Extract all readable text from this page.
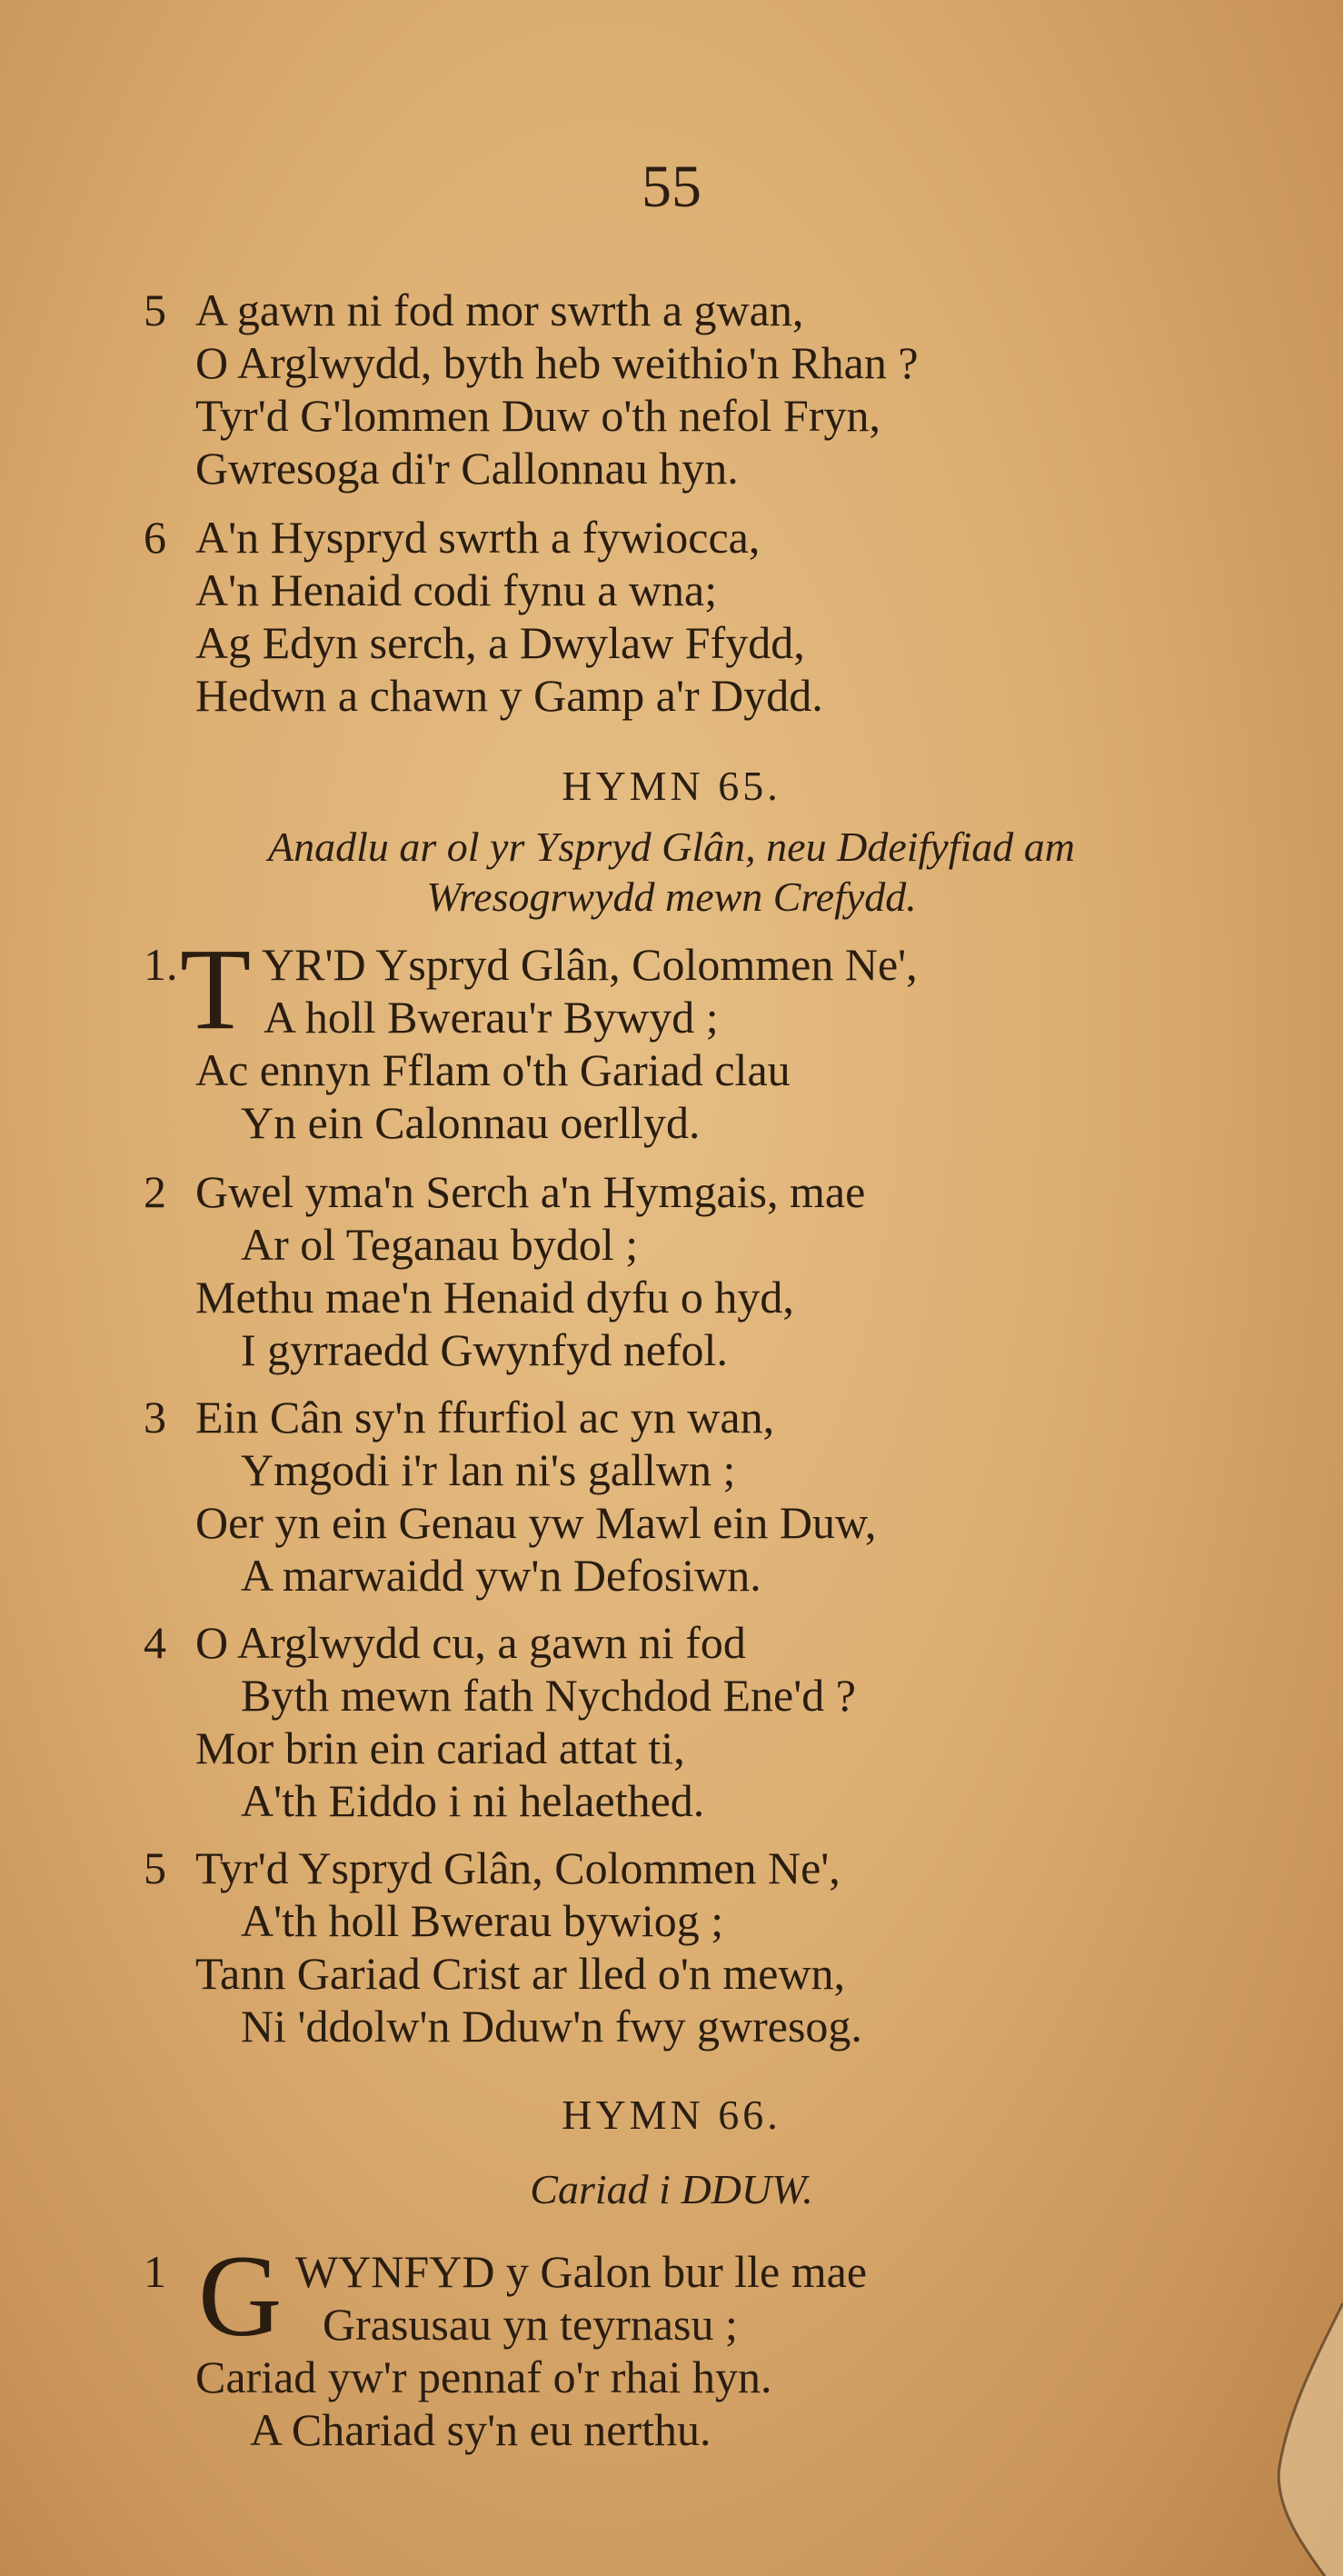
55
5 A gawn ni fod mor swrth a gwan,
O Arglwydd, byth heb weithio'n Rhan ?
Tyr'd G'lommen Duw o'th nefol Fryn,
Gwresoga di'r Callonnau hyn.
6 A'n Hyspryd swrth a fywiocca,
A'n Henaid codi fynu a wna;
Ag Edyn serch, a Dwylaw Ffydd,
Hedwn a chawn y Gamp a'r Dydd.
HYMN 65.
Anadlu ar ol yr Yspryd Glân, neu Ddeifyfiad am
Wresogrwydd mewn Crefydd.
1. T YR'D Yspryd Glân, Colommen Ne',
A holl Bwerau'r Bywyd ;
Ac ennyn Fflam o'th Gariad clau
Yn ein Calonnau oerllyd.
2 Gwel yma'n Serch a'n Hymgais, mae
Ar ol Teganau bydol ;
Methu mae'n Henaid dyfu o hyd,
I gyrraedd Gwynfyd nefol.
3 Ein Cân sy'n ffurfiol ac yn wan,
Ymgodi i'r lan ni's gallwn ;
Oer yn ein Genau yw Mawl ein Duw,
A marwaidd yw'n Defosiwn.
4 O Arglwydd cu, a gawn ni fod
Byth mewn fath Nychdod Ene'd ?
Mor brin ein cariad attat ti,
A'th Eiddo i ni helaethed.
5 Tyr'd Yspryd Glân, Colommen Ne',
A'th holl Bwerau bywiog ;
Tann Gariad Crist ar lled o'n mewn,
Ni 'ddolw'n Dduw'n fwy gwresog.
HYMN 66.
Cariad i DDUW.
1 G WYNFYD y Galon bur lle mae
Grasusau yn teyrnasu ;
Cariad yw'r pennaf o'r rhai hyn.
A Chariad sy'n eu nerthu.
